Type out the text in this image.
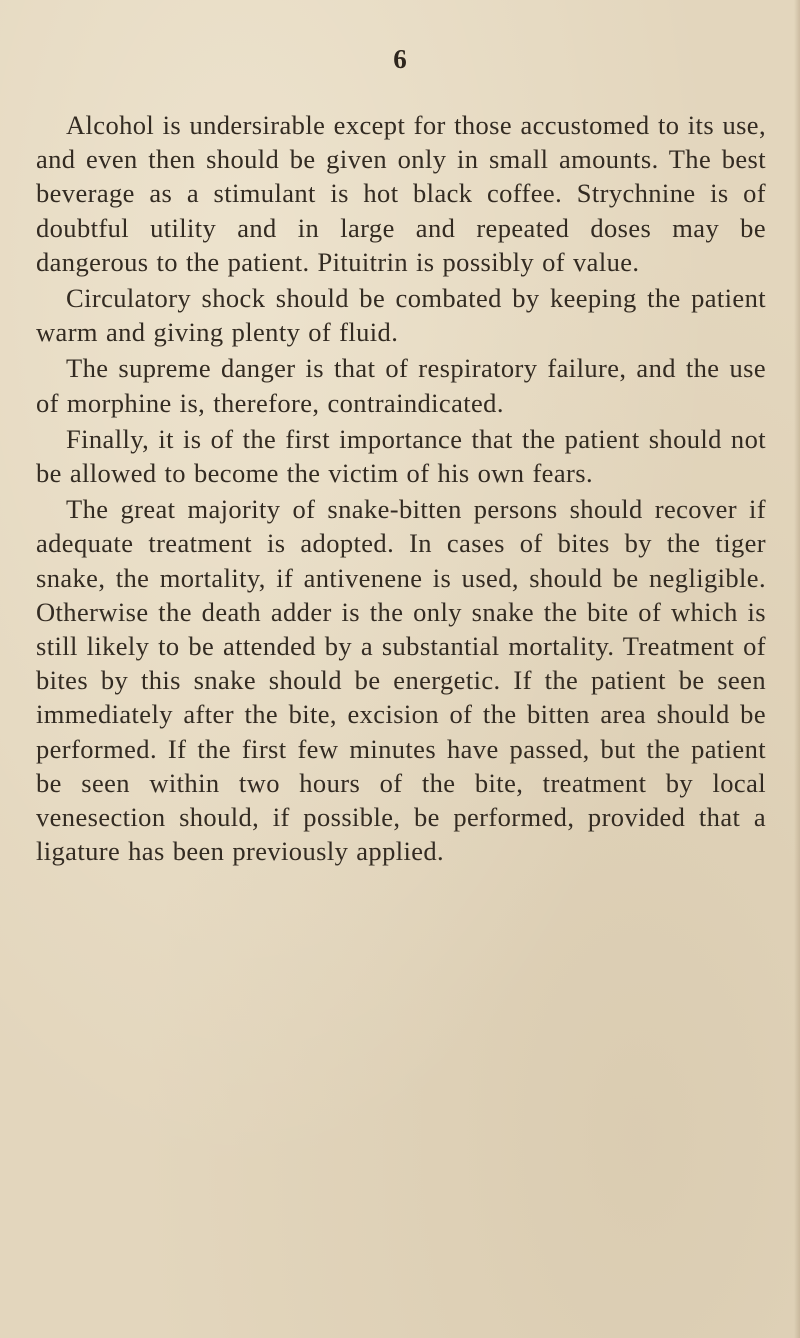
6

Alcohol is undersirable except for those accustomed to its use, and even then should be given only in small amounts. The best beverage as a stimulant is hot black coffee. Strychnine is of doubtful utility and in large and repeated doses may be dangerous to the patient. Pituitrin is possibly of value.

Circulatory shock should be combated by keeping the patient warm and giving plenty of fluid.

The supreme danger is that of respiratory failure, and the use of morphine is, therefore, contraindicated.

Finally, it is of the first importance that the patient should not be allowed to become the victim of his own fears.

The great majority of snake-bitten persons should recover if adequate treatment is adopted. In cases of bites by the tiger snake, the mortality, if antivenene is used, should be negligible. Otherwise the death adder is the only snake the bite of which is still likely to be attended by a substantial mortality. Treatment of bites by this snake should be energetic. If the patient be seen immediately after the bite, excision of the bitten area should be performed. If the first few minutes have passed, but the patient be seen within two hours of the bite, treatment by local venesection should, if possible, be performed, provided that a ligature has been previously applied.
